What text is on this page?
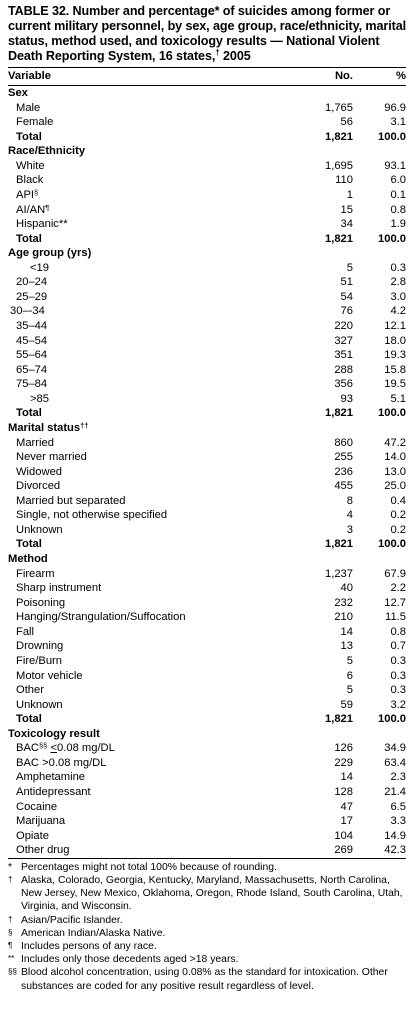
TABLE 32. Number and percentage* of suicides among former or current military personnel, by sex, age group, race/ethnicity, marital status, method used, and toxicology results — National Violent Death Reporting System, 16 states,† 2005
Variable	No.	%
Sex		
Male	1,765	96.9
Female	56	3.1
Total	1,821	100.0
Race/Ethnicity		
White	1,695	93.1
Black	110	6.0
API§	1	0.1
AI/AN¶	15	0.8
Hispanic**	34	1.9
Total	1,821	100.0
Age group (yrs)		
<19	5	0.3
20–24	51	2.8
25–29	54	3.0
30–-34	76	4.2
35–44	220	12.1
45–54	327	18.0
55–64	351	19.3
65–74	288	15.8
75–84	356	19.5
>85	93	5.1
Total	1,821	100.0
Marital status††		
Married	860	47.2
Never married	255	14.0
Widowed	236	13.0
Divorced	455	25.0
Married but separated	8	0.4
Single, not otherwise specified	4	0.2
Unknown	3	0.2
Total	1,821	100.0
Method		
Firearm	1,237	67.9
Sharp instrument	40	2.2
Poisoning	232	12.7
Hanging/Strangulation/Suffocation	210	11.5
Fall	14	0.8
Drowning	13	0.7
Fire/Burn	5	0.3
Motor vehicle	6	0.3
Other	5	0.3
Unknown	59	3.2
Total	1,821	100.0
Toxicology result		
BAC§§ <0.08 mg/DL	126	34.9
BAC >0.08 mg/DL	229	63.4
Amphetamine	14	2.3
Antidepressant	128	21.4
Cocaine	47	6.5
Marijuana	17	3.3
Opiate	104	14.9
Other drug	269	42.3
* Percentages might not total 100% because of rounding.
† Alaska, Colorado, Georgia, Kentucky, Maryland, Massachusetts, North Carolina, New Jersey, New Mexico, Oklahoma, Oregon, Rhode Island, South Carolina, Utah, Virginia, and Wisconsin.
† Asian/Pacific Islander.
§ American Indian/Alaska Native.
¶ Includes persons of any race.
** Includes only those decedents aged >18 years.
§§ Blood alcohol concentration, using 0.08% as the standard for intoxication. Other substances are coded for any positive result regardless of level.
